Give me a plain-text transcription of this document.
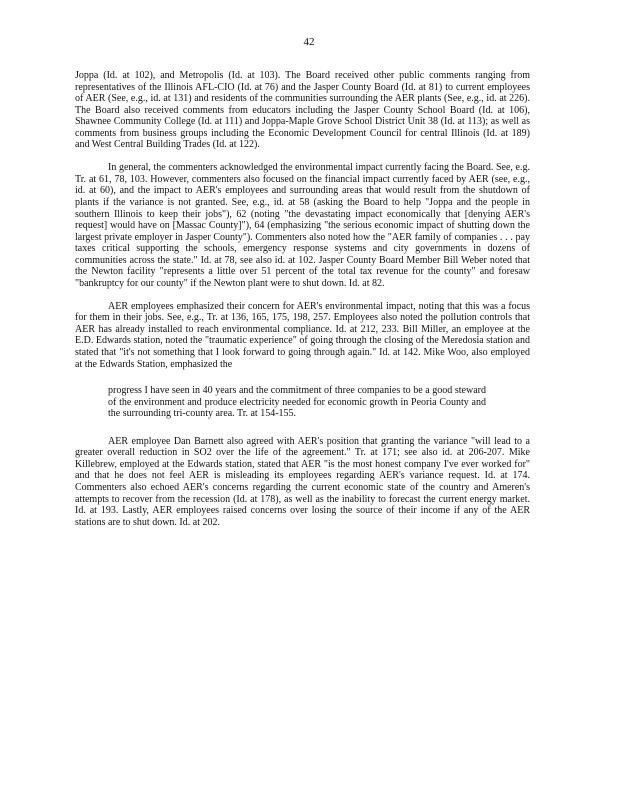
42

Joppa (Id. at 102), and Metropolis (Id. at 103). The Board received other public comments ranging from representatives of the Illinois AFL-CIO (Id. at 76) and the Jasper County Board (Id. at 81) to current employees of AER (See, e.g., id. at 131) and residents of the communities surrounding the AER plants (See, e.g., id. at 226). The Board also received comments from educators including the Jasper County School Board (Id. at 106), Shawnee Community College (Id. at 111) and Joppa-Maple Grove School District Unit 38 (Id. at 113); as well as comments from business groups including the Economic Development Council for central Illinois (Id. at 189) and West Central Building Trades (Id. at 122).

In general, the commenters acknowledged the environmental impact currently facing the Board. See, e.g. Tr. at 61, 78, 103. However, commenters also focused on the financial impact currently faced by AER (see, e.g., id. at 60), and the impact to AER's employees and surrounding areas that would result from the shutdown of plants if the variance is not granted. See, e.g., id. at 58 (asking the Board to help "Joppa and the people in southern Illinois to keep their jobs"), 62 (noting "the devastating impact economically that [denying AER's request] would have on [Massac County]"), 64 (emphasizing "the serious economic impact of shutting down the largest private employer in Jasper County"). Commenters also noted how the "AER family of companies . . . pay taxes critical supporting the schools, emergency response systems and city governments in dozens of communities across the state." Id. at 78, see also id. at 102. Jasper County Board Member Bill Weber noted that the Newton facility "represents a little over 51 percent of the total tax revenue for the county" and foresaw "bankruptcy for our county" if the Newton plant were to shut down. Id. at 82.

AER employees emphasized their concern for AER's environmental impact, noting that this was a focus for them in their jobs. See, e.g., Tr. at 136, 165, 175, 198, 257. Employees also noted the pollution controls that AER has already installed to reach environmental compliance. Id. at 212, 233. Bill Miller, an employee at the E.D. Edwards station, noted the "traumatic experience" of going through the closing of the Meredosia station and stated that "it's not something that I look forward to going through again." Id. at 142. Mike Woo, also employed at the Edwards Station, emphasized the

progress I have seen in 40 years and the commitment of three companies to be a good steward of the environment and produce electricity needed for economic growth in Peoria County and the surrounding tri-county area. Tr. at 154-155.

AER employee Dan Barnett also agreed with AER's position that granting the variance "will lead to a greater overall reduction in SO2 over the life of the agreement." Tr. at 171; see also id. at 206-207. Mike Killebrew, employed at the Edwards station, stated that AER "is the most honest company I've ever worked for" and that he does not feel AER is misleading its employees regarding AER's variance request. Id. at 174. Commenters also echoed AER's concerns regarding the current economic state of the country and Ameren's attempts to recover from the recession (Id. at 178), as well as the inability to forecast the current energy market. Id. at 193. Lastly, AER employees raised concerns over losing the source of their income if any of the AER stations are to shut down. Id. at 202.
